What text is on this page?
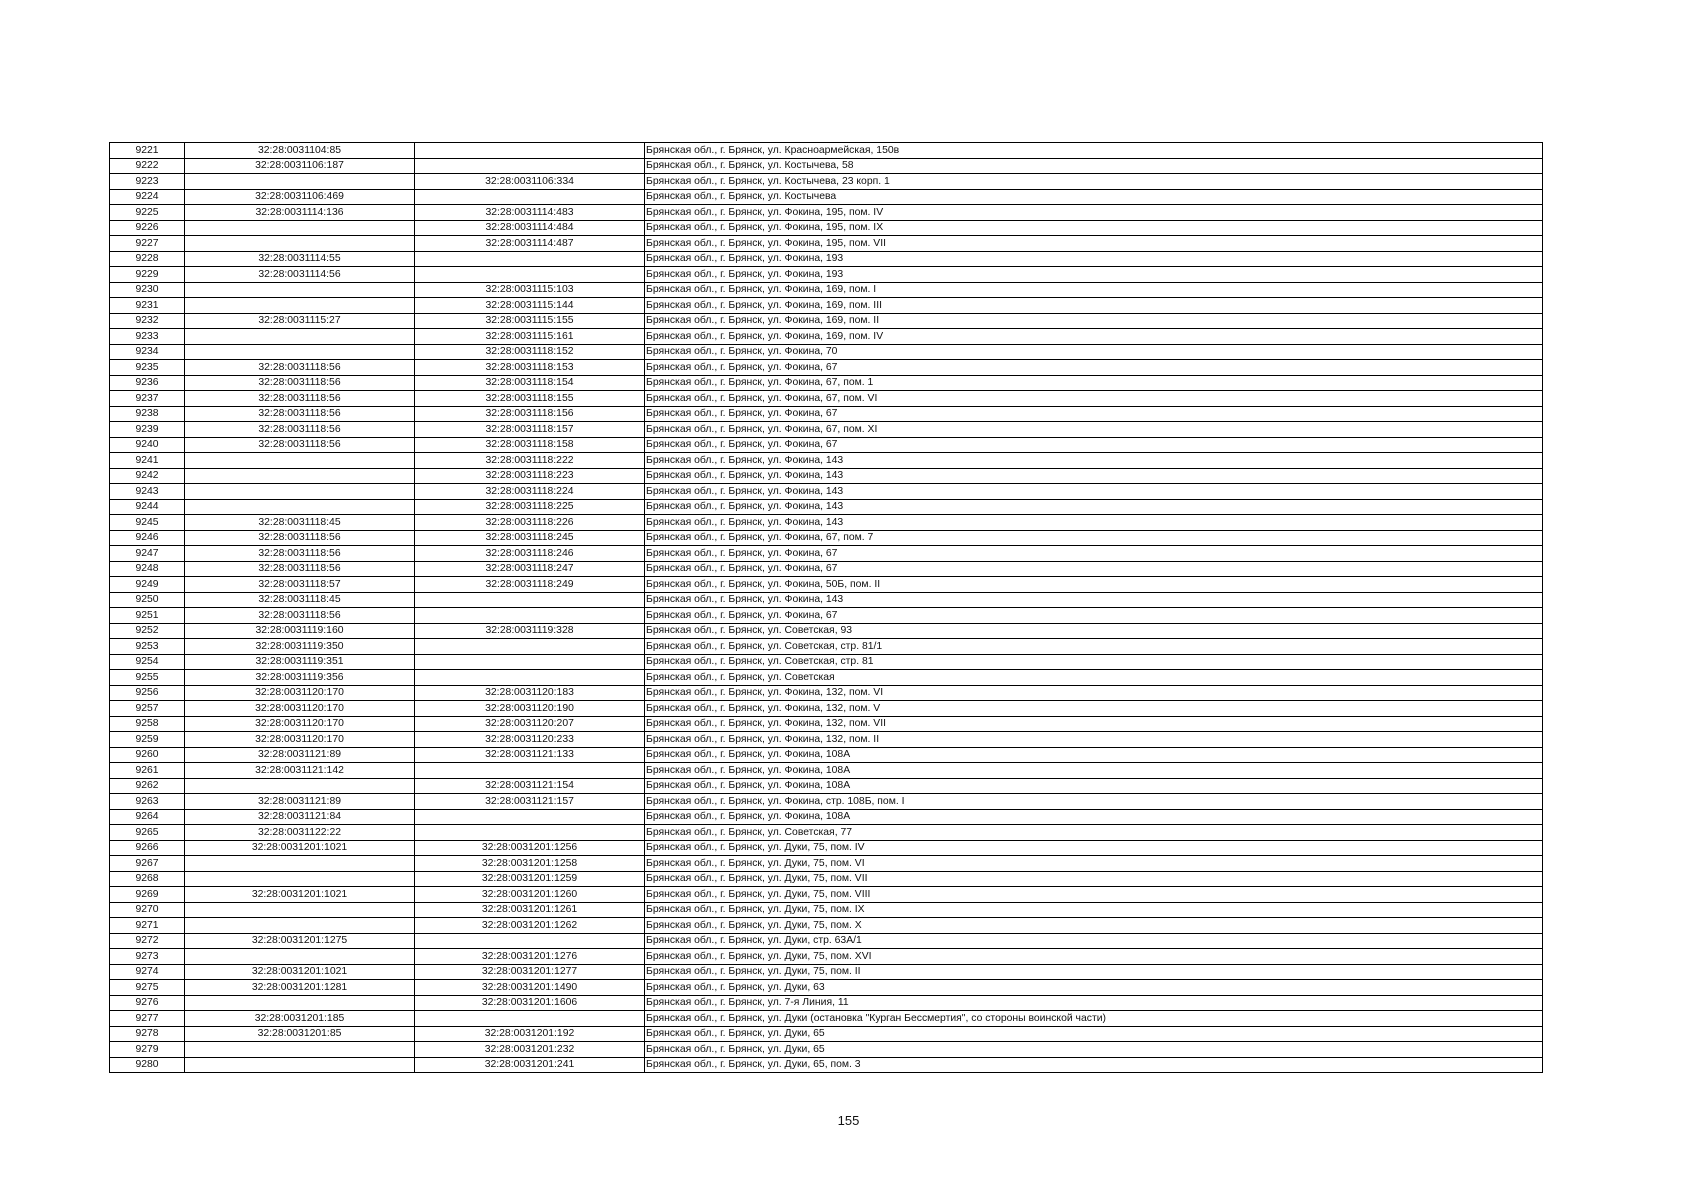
9221	32:28:0031104:85		Брянская обл., г. Брянск, ул. Красноармейская, 150в
9222	32:28:0031106:187		Брянская обл., г. Брянск, ул. Костычева, 58
9223		32:28:0031106:334	Брянская обл., г. Брянск, ул. Костычева, 23 корп. 1
9224	32:28:0031106:469		Брянская обл., г. Брянск, ул. Костычева
9225	32:28:0031114:136	32:28:0031114:483	Брянская обл., г. Брянск, ул. Фокина, 195, пом. IV
9226		32:28:0031114:484	Брянская обл., г. Брянск, ул. Фокина, 195, пом. IX
9227		32:28:0031114:487	Брянская обл., г. Брянск, ул. Фокина, 195, пом. VII
9228	32:28:0031114:55		Брянская обл., г. Брянск, ул. Фокина, 193
9229	32:28:0031114:56		Брянская обл., г. Брянск, ул. Фокина, 193
9230		32:28:0031115:103	Брянская обл., г. Брянск, ул. Фокина, 169, пом. I
9231		32:28:0031115:144	Брянская обл., г. Брянск, ул. Фокина, 169, пом. III
9232	32:28:0031115:27	32:28:0031115:155	Брянская обл., г. Брянск, ул. Фокина, 169, пом. II
9233		32:28:0031115:161	Брянская обл., г. Брянск, ул. Фокина, 169, пом. IV
9234		32:28:0031118:152	Брянская обл., г. Брянск, ул. Фокина, 70
9235	32:28:0031118:56	32:28:0031118:153	Брянская обл., г. Брянск, ул. Фокина, 67
9236	32:28:0031118:56	32:28:0031118:154	Брянская обл., г. Брянск, ул. Фокина, 67, пом. 1
9237	32:28:0031118:56	32:28:0031118:155	Брянская обл., г. Брянск, ул. Фокина, 67, пом. VI
9238	32:28:0031118:56	32:28:0031118:156	Брянская обл., г. Брянск, ул. Фокина, 67
9239	32:28:0031118:56	32:28:0031118:157	Брянская обл., г. Брянск, ул. Фокина, 67, пом. XI
9240	32:28:0031118:56	32:28:0031118:158	Брянская обл., г. Брянск, ул. Фокина, 67
9241		32:28:0031118:222	Брянская обл., г. Брянск, ул. Фокина, 143
9242		32:28:0031118:223	Брянская обл., г. Брянск, ул. Фокина, 143
9243		32:28:0031118:224	Брянская обл., г. Брянск, ул. Фокина, 143
9244		32:28:0031118:225	Брянская обл., г. Брянск, ул. Фокина, 143
9245	32:28:0031118:45	32:28:0031118:226	Брянская обл., г. Брянск, ул. Фокина, 143
9246	32:28:0031118:56	32:28:0031118:245	Брянская обл., г. Брянск, ул. Фокина, 67, пом. 7
9247	32:28:0031118:56	32:28:0031118:246	Брянская обл., г. Брянск, ул. Фокина, 67
9248	32:28:0031118:56	32:28:0031118:247	Брянская обл., г. Брянск, ул. Фокина, 67
9249	32:28:0031118:57	32:28:0031118:249	Брянская обл., г. Брянск, ул. Фокина, 50Б, пом. II
9250	32:28:0031118:45		Брянская обл., г. Брянск, ул. Фокина, 143
9251	32:28:0031118:56		Брянская обл., г. Брянск, ул. Фокина, 67
9252	32:28:0031119:160	32:28:0031119:328	Брянская обл., г. Брянск, ул. Советская, 93
9253	32:28:0031119:350		Брянская обл., г. Брянск, ул. Советская, стр. 81/1
9254	32:28:0031119:351		Брянская обл., г. Брянск, ул. Советская, стр. 81
9255	32:28:0031119:356		Брянская обл., г. Брянск, ул. Советская
9256	32:28:0031120:170	32:28:0031120:183	Брянская обл., г. Брянск, ул. Фокина, 132, пом. VI
9257	32:28:0031120:170	32:28:0031120:190	Брянская обл., г. Брянск, ул. Фокина, 132, пом. V
9258	32:28:0031120:170	32:28:0031120:207	Брянская обл., г. Брянск, ул. Фокина, 132, пом. VII
9259	32:28:0031120:170	32:28:0031120:233	Брянская обл., г. Брянск, ул. Фокина, 132, пом. II
9260	32:28:0031121:89	32:28:0031121:133	Брянская обл., г. Брянск, ул. Фокина, 108А
9261	32:28:0031121:142		Брянская обл., г. Брянск, ул. Фокина, 108А
9262		32:28:0031121:154	Брянская обл., г. Брянск, ул. Фокина, 108А
9263	32:28:0031121:89	32:28:0031121:157	Брянская обл., г. Брянск, ул. Фокина, стр. 108Б, пом. I
9264	32:28:0031121:84		Брянская обл., г. Брянск, ул. Фокина, 108А
9265	32:28:0031122:22		Брянская обл., г. Брянск, ул. Советская, 77
9266	32:28:0031201:1021	32:28:0031201:1256	Брянская обл., г. Брянск, ул. Дуки, 75, пом. IV
9267		32:28:0031201:1258	Брянская обл., г. Брянск, ул. Дуки, 75, пом. VI
9268		32:28:0031201:1259	Брянская обл., г. Брянск, ул. Дуки, 75, пом. VII
9269	32:28:0031201:1021	32:28:0031201:1260	Брянская обл., г. Брянск, ул. Дуки, 75, пом. VIII
9270		32:28:0031201:1261	Брянская обл., г. Брянск, ул. Дуки, 75, пом. IX
9271		32:28:0031201:1262	Брянская обл., г. Брянск, ул. Дуки, 75, пом. X
9272	32:28:0031201:1275		Брянская обл., г. Брянск, ул. Дуки, стр. 63А/1
9273		32:28:0031201:1276	Брянская обл., г. Брянск, ул. Дуки, 75, пом. XVI
9274	32:28:0031201:1021	32:28:0031201:1277	Брянская обл., г. Брянск, ул. Дуки, 75, пом. II
9275	32:28:0031201:1281	32:28:0031201:1490	Брянская обл., г. Брянск, ул. Дуки, 63
9276		32:28:0031201:1606	Брянская обл., г. Брянск, ул. 7-я Линия, 11
9277	32:28:0031201:185		Брянская обл., г. Брянск, ул. Дуки (остановка "Курган Бессмертия", со стороны воинской части)
9278	32:28:0031201:85	32:28:0031201:192	Брянская обл., г. Брянск, ул. Дуки, 65
9279		32:28:0031201:232	Брянская обл., г. Брянск, ул. Дуки, 65
9280		32:28:0031201:241	Брянская обл., г. Брянск, ул. Дуки, 65, пом. 3
155
